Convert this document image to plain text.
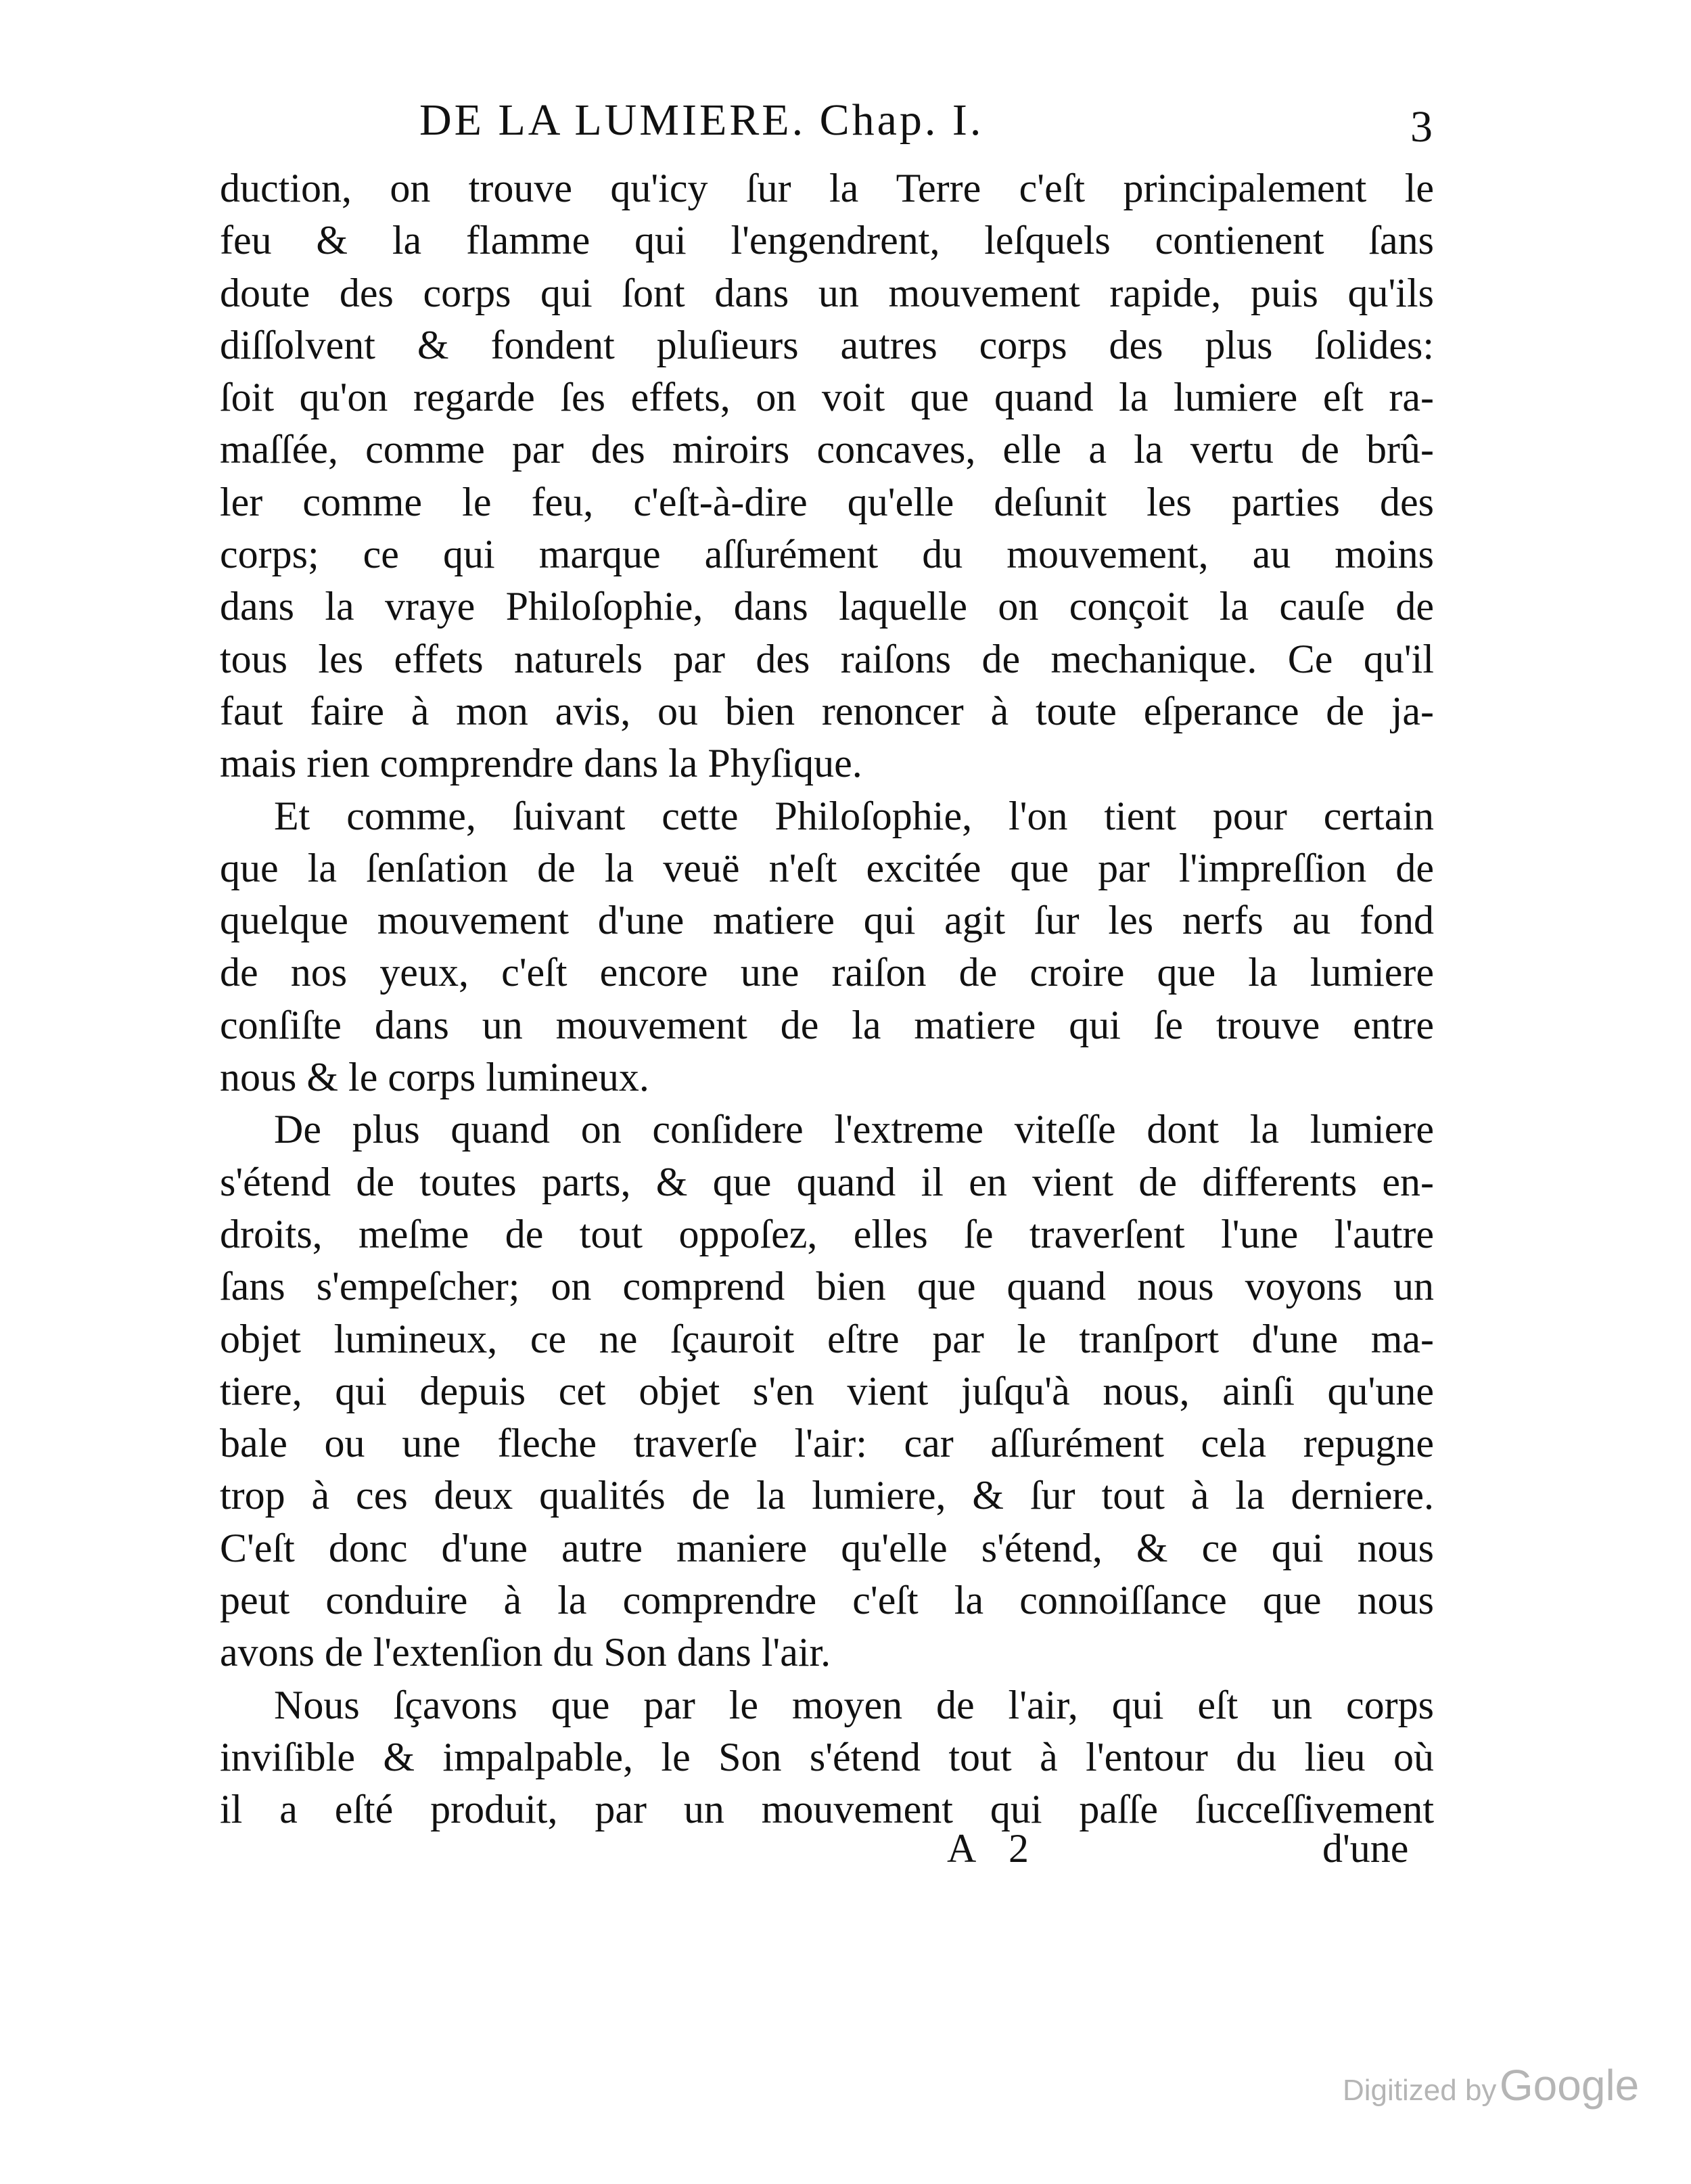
DE LA LUMIERE. Chap. I.	3
duction, on trouve qu'icy ſur la Terre c'eſt principalement le
feu & la flamme qui l'engendrent, leſquels contienent ſans
doute des corps qui ſont dans un mouvement rapide, puis qu'ils
diſſolvent & fondent pluſieurs autres corps des plus ſolides:
ſoit qu'on regarde ſes effets, on voit que quand la lumiere eſt ra-
maſſée, comme par des miroirs concaves, elle a la vertu de brû-
ler comme le feu, c'eſt-à-dire qu'elle deſunit les parties des
corps; ce qui marque aſſurément du mouvement, au moins
dans la vraye Philoſophie, dans laquelle on conçoit la cauſe de
tous les effets naturels par des raiſons de mechanique. Ce qu'il
faut faire à mon avis, ou bien renoncer à toute eſperance de ja-
mais rien comprendre dans la Phyſique.
Et comme, ſuivant cette Philoſophie, l'on tient pour certain
que la ſenſation de la veuë n'eſt excitée que par l'impreſſion de
quelque mouvement d'une matiere qui agit ſur les nerfs au fond
de nos yeux, c'eſt encore une raiſon de croire que la lumiere
conſiſte dans un mouvement de la matiere qui ſe trouve entre
nous & le corps lumineux.
De plus quand on conſidere l'extreme viteſſe dont la lumiere
s'étend de toutes parts, & que quand il en vient de differents en-
droits, meſme de tout oppoſez, elles ſe traverſent l'une l'autre
ſans s'empeſcher; on comprend bien que quand nous voyons un
objet lumineux, ce ne ſçauroit eſtre par le tranſport d'une ma-
tiere, qui depuis cet objet s'en vient juſqu'à nous, ainſi qu'une
bale ou une fleche traverſe l'air: car aſſurément cela repugne
trop à ces deux qualités de la lumiere, & ſur tout à la derniere.
C'eſt donc d'une autre maniere qu'elle s'étend, & ce qui nous
peut conduire à la comprendre c'eſt la connoiſſance que nous
avons de l'extenſion du Son dans l'air.
Nous ſçavons que par le moyen de l'air, qui eſt un corps
inviſible & impalpable, le Son s'étend tout à l'entour du lieu où
il a eſté produit, par un mouvement qui paſſe ſucceſſivement
A 2	d'une
Digitized by Google
